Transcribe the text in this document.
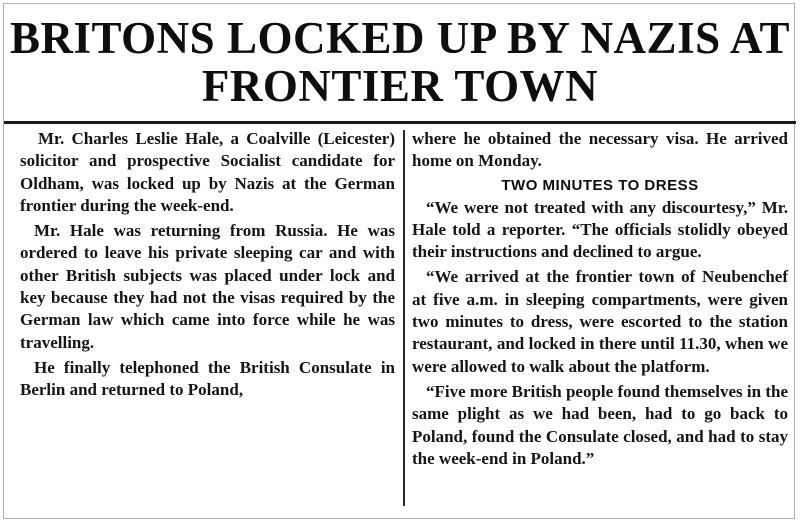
BRITONS LOCKED UP BY NAZIS AT
FRONTIER TOWN

Mr. Charles Leslie Hale, a Coalville (Leicester) solicitor and prospective Socialist candidate for Oldham, was locked up by Nazis at the German frontier during the week-end.

Mr. Hale was returning from Russia. He was ordered to leave his private sleeping car and with other British subjects was placed under lock and key because they had not the visas required by the German law which came into force while he was travelling.

He finally telephoned the British Consulate in Berlin and returned to Poland,

where he obtained the necessary visa. He arrived home on Monday.

TWO MINUTES TO DRESS

“We were not treated with any discourtesy,” Mr. Hale told a reporter. “The officials stolidly obeyed their instructions and declined to argue.

“We arrived at the frontier town of Neubenchef at five a.m. in sleeping compartments, were given two minutes to dress, were escorted to the station restaurant, and locked in there until 11.30, when we were allowed to walk about the platform.

“Five more British people found themselves in the same plight as we had been, had to go back to Poland, found the Consulate closed, and had to stay the week-end in Poland.”
